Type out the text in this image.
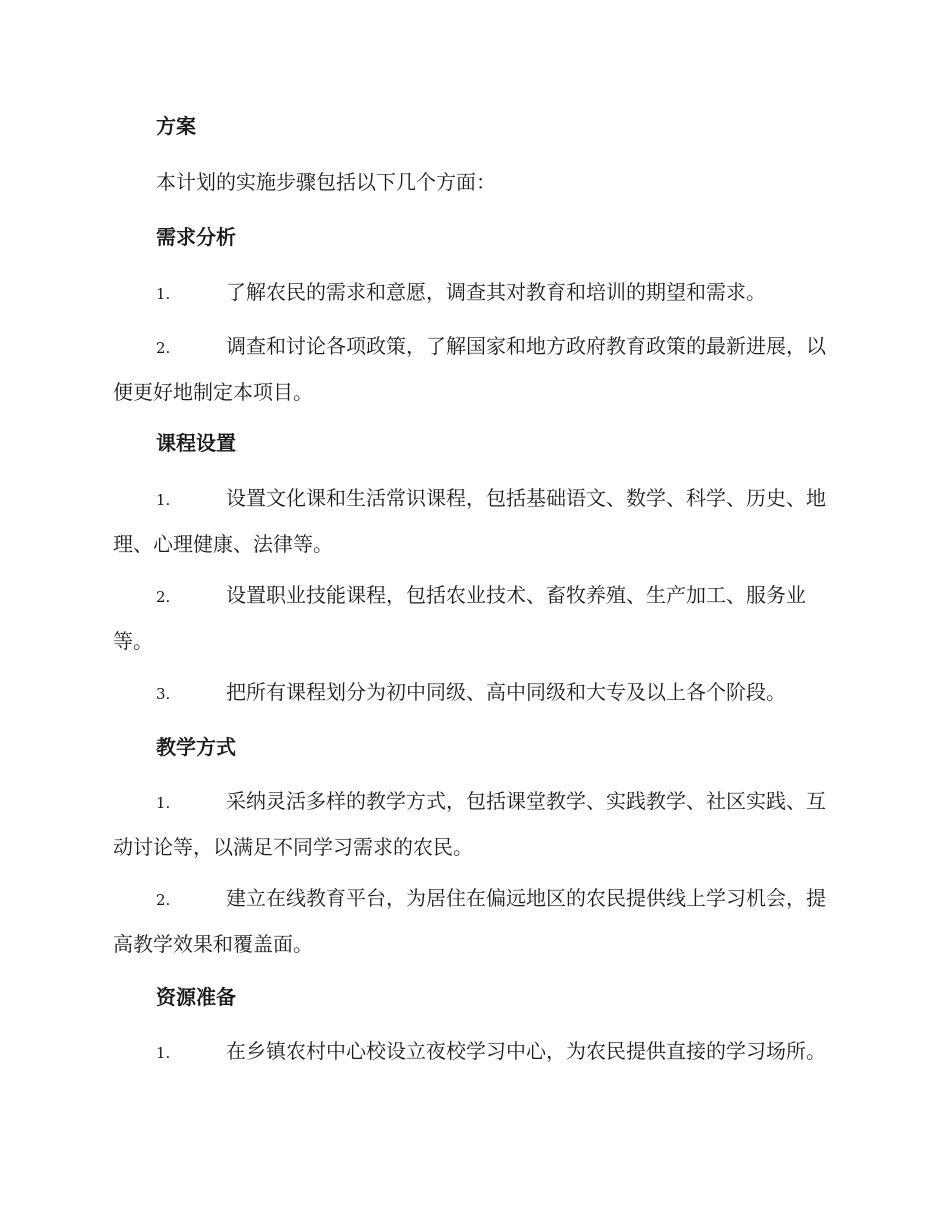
方案

本计划的实施步骤包括以下几个方面：

需求分析

1.	了解农民的需求和意愿，调查其对教育和培训的期望和需求。

2.	调查和讨论各项政策，了解国家和地方政府教育政策的最新进展，以便更好地制定本项目。

课程设置

1.	设置文化课和生活常识课程，包括基础语文、数学、科学、历史、地理、心理健康、法律等。

2.	设置职业技能课程，包括农业技术、畜牧养殖、生产加工、服务业等。

3.	把所有课程划分为初中同级、高中同级和大专及以上各个阶段。

教学方式

1.	采纳灵活多样的教学方式，包括课堂教学、实践教学、社区实践、互动讨论等，以满足不同学习需求的农民。

2.	建立在线教育平台，为居住在偏远地区的农民提供线上学习机会，提高教学效果和覆盖面。

资源准备

1.	在乡镇农村中心校设立夜校学习中心，为农民提供直接的学习场所。
